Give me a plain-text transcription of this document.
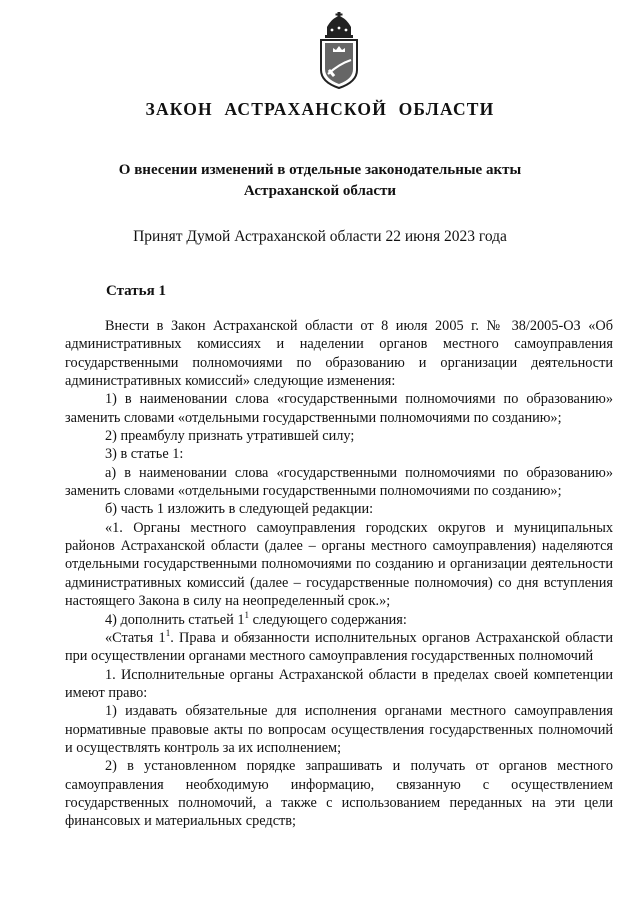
ЗАКОН АСТРАХАНСКОЙ ОБЛАСТИ
О внесении изменений в отдельные законодательные акты
Астраханской области
Принят Думой Астраханской области 22 июня 2023 года
Статья 1

Внести в Закон Астраханской области от 8 июля 2005 г. № 38/2005-ОЗ «Об административных комиссиях и наделении органов местного самоуправления государственными полномочиями по образованию и организации деятельности административных комиссий» следующие изменения:

1) в наименовании слова «государственными полномочиями по образованию» заменить словами «отдельными государственными полномочиями по созданию»;

2) преамбулу признать утратившей силу;

3) в статье 1:

а) в наименовании слова «государственными полномочиями по образованию» заменить словами «отдельными государственными полномочиями по созданию»;

б) часть 1 изложить в следующей редакции:

«1. Органы местного самоуправления городских округов и муниципальных районов Астраханской области (далее – органы местного самоуправления) наделяются отдельными государственными полномочиями по созданию и организации деятельности административных комиссий (далее – государственные полномочия) со дня вступления настоящего Закона в силу на неопределенный срок.»;

4) дополнить статьей $1^1$ следующего содержания:

«Статья $1^1$. Права и обязанности исполнительных органов Астраханской области при осуществлении органами местного самоуправления государственных полномочий

1. Исполнительные органы Астраханской области в пределах своей компетенции имеют право:

1) издавать обязательные для исполнения органами местного самоуправления нормативные правовые акты по вопросам осуществления государственных полномочий и осуществлять контроль за их исполнением;

2) в установленном порядке запрашивать и получать от органов местного самоуправления необходимую информацию, связанную с осуществлением государственных полномочий, а также с использованием переданных на эти цели финансовых и материальных средств;
